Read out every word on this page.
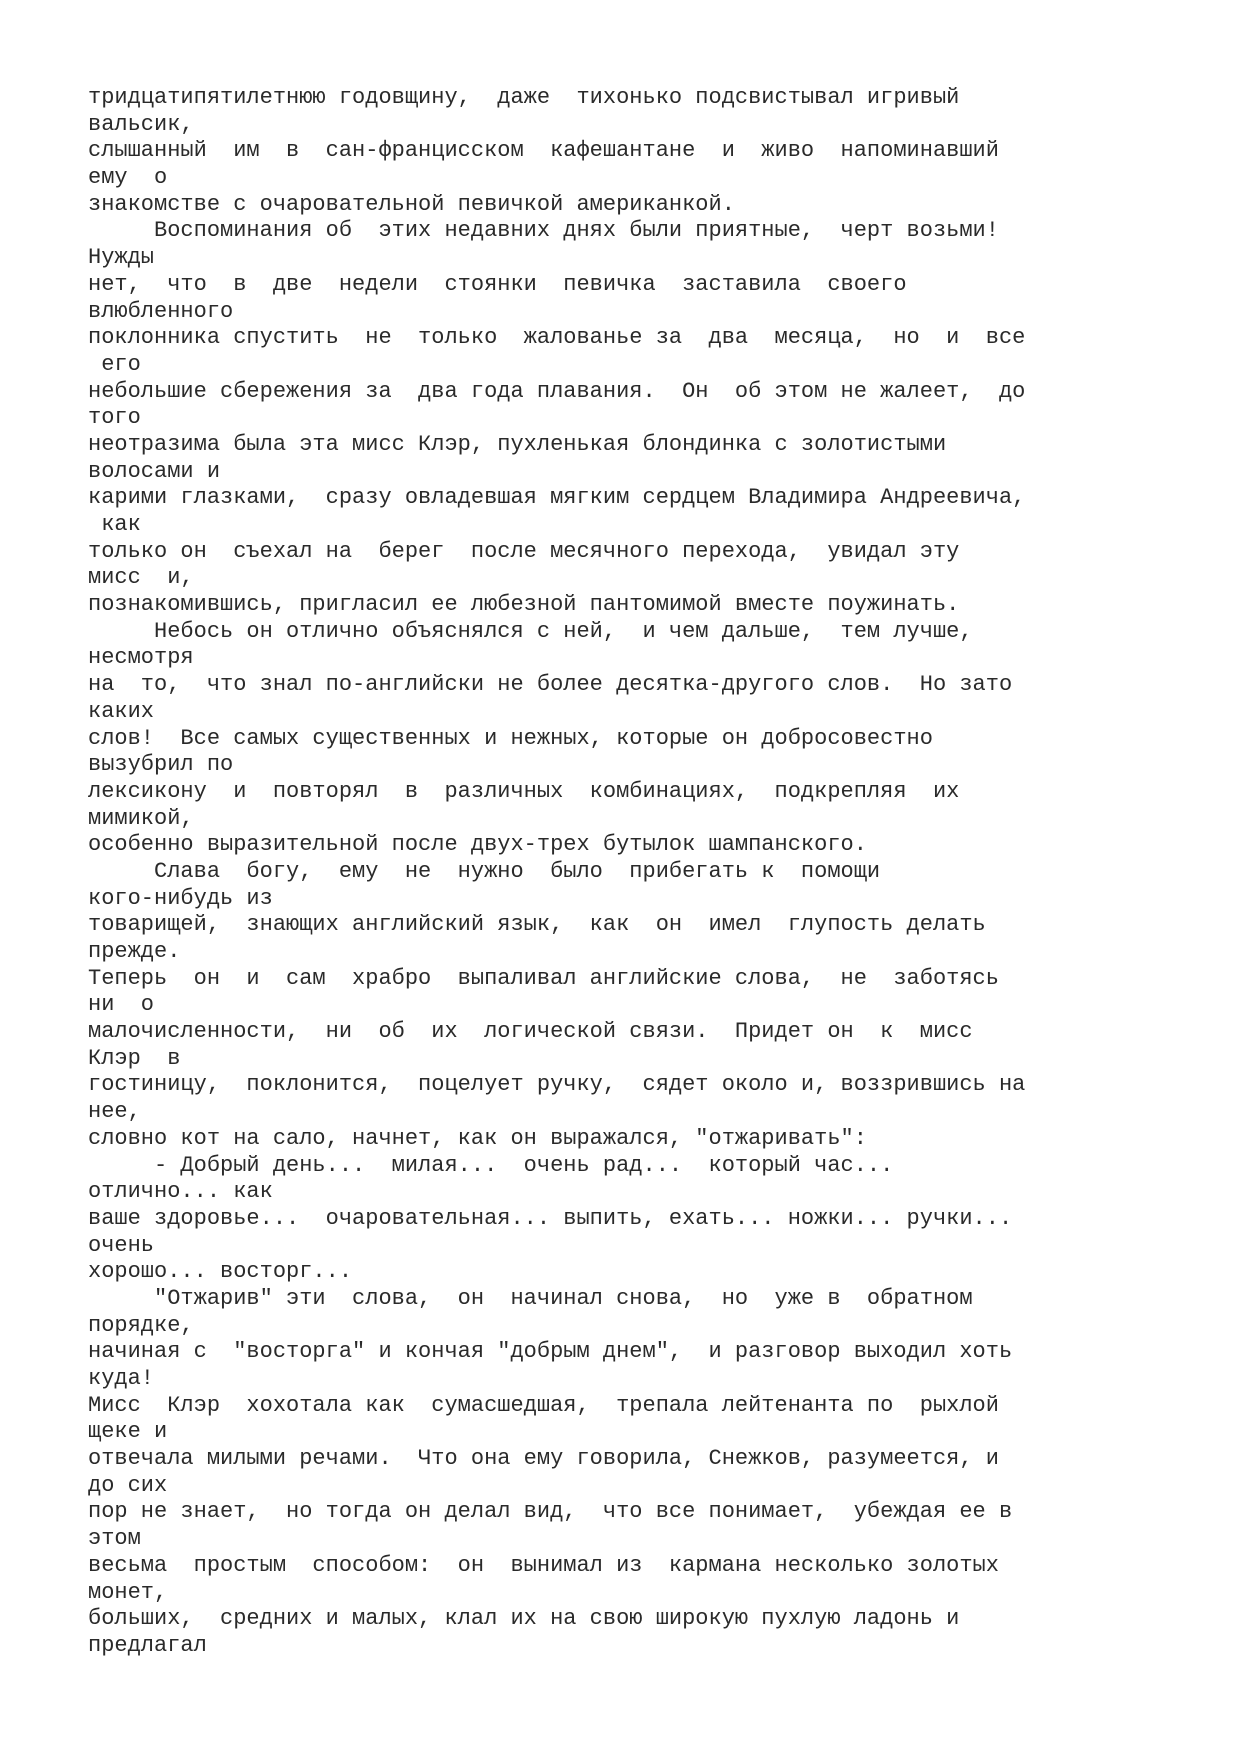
тридцатипятилетнюю годовщину,  даже  тихонько подсвистывал игривый
вальсик,
слышанный  им  в  сан-францисском  кафешантане  и  живо  напоминавший
ему  о
знакомстве с очаровательной певичкой американкой.
Воспоминания об  этих недавних днях были приятные,  черт возьми!
Нужды
нет,  что  в  две  недели  стоянки  певичка  заставила  своего
влюбленного
поклонника спустить  не  только  жалованье за  два  месяца,  но  и  все
его
небольшие сбережения за  два года плавания.  Он  об этом не жалеет,  до
того
неотразима была эта мисс Клэр, пухленькая блондинка с золотистыми
волосами и
карими глазками,  сразу овладевшая мягким сердцем Владимира Андреевича,
как
только он  съехал на  берег  после месячного перехода,  увидал эту
мисс  и,
познакомившись, пригласил ее любезной пантомимой вместе поужинать.
Небось он отлично объяснялся с ней,  и чем дальше,  тем лучше,
несмотря
на  то,  что знал по-английски не более десятка-другого слов.  Но зато
каких
слов!  Все самых существенных и нежных, которые он добросовестно
вызубрил по
лексикону  и  повторял  в  различных  комбинациях,  подкрепляя  их
мимикой,
особенно выразительной после двух-трех бутылок шампанского.
Слава  богу,  ему  не  нужно  было  прибегать к  помощи
кого-нибудь из
товарищей,  знающих английский язык,  как  он  имел  глупость делать
прежде.
Теперь  он  и  сам  храбро  выпаливал английские слова,  не  заботясь
ни  о
малочисленности,  ни  об  их  логической связи.  Придет он  к  мисс
Клэр  в
гостиницу,  поклонится,  поцелует ручку,  сядет около и, воззрившись на
нее,
словно кот на сало, начнет, как он выражался, "отжаривать":
- Добрый день...  милая...  очень рад...  который час...
отлично... как
ваше здоровье...  очаровательная... выпить, ехать... ножки... ручки...
очень
хорошо... восторг...
"Отжарив" эти  слова,  он  начинал снова,  но  уже в  обратном
порядке,
начиная с  "восторга" и кончая "добрым днем",  и разговор выходил хоть
куда!
Мисс  Клэр  хохотала как  сумасшедшая,  трепала лейтенанта по  рыхлой
щеке и
отвечала милыми речами.  Что она ему говорила, Снежков, разумеется, и
до сих
пор не знает,  но тогда он делал вид,  что все понимает,  убеждая ее в
этом
весьма  простым  способом:  он  вынимал из  кармана несколько золотых
монет,
больших,  средних и малых, клал их на свою широкую пухлую ладонь и
предлагал
